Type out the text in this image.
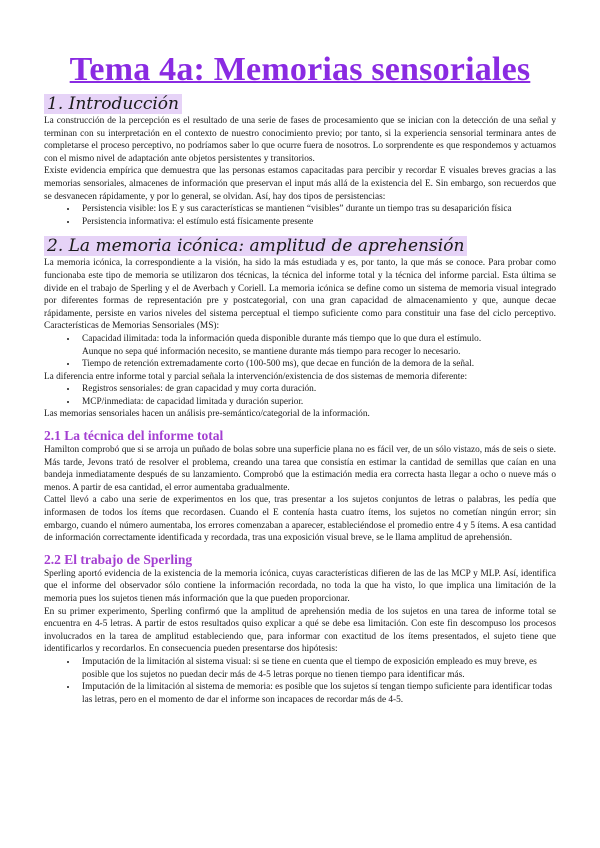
Tema 4a: Memorias sensoriales
1. Introducción

La construcción de la percepción es el resultado de una serie de fases de procesamiento que se inician con la detección de una señal y terminan con su interpretación en el contexto de nuestro conocimiento previo; por tanto, si la experiencia sensorial terminara antes de completarse el proceso perceptivo, no podríamos saber lo que ocurre fuera de nosotros. Lo sorprendente es que respondemos y actuamos con el mismo nivel de adaptación ante objetos persistentes y transitorios.

Existe evidencia empírica que demuestra que las personas estamos capacitadas para percibir y recordar E visuales breves gracias a las memorias sensoriales, almacenes de información que preservan el input más allá de la existencia del E. Sin embargo, son recuerdos que se desvanecen rápidamente, y por lo general, se olvidan. Así, hay dos tipos de persistencias:

• Persistencia visible: los E y sus características se mantienen “visibles” durante un tiempo tras su desaparición física
• Persistencia informativa: el estímulo está físicamente presente
2. La memoria icónica: amplitud de aprehensión

La memoria icónica, la correspondiente a la visión, ha sido la más estudiada y es, por tanto, la que más se conoce. Para probar como funcionaba este tipo de memoria se utilizaron dos técnicas, la técnica del informe total y la técnica del informe parcial. Esta última se divide en el trabajo de Sperling y el de Averbach y Coriell. La memoria icónica se define como un sistema de memoria visual integrado por diferentes formas de representación pre y postcategorial, con una gran capacidad de almacenamiento y que, aunque decae rápidamente, persiste en varios niveles del sistema perceptual el tiempo suficiente como para constituir una fase del ciclo perceptivo. Características de Memorias Sensoriales (MS):

• Capacidad ilimitada: toda la información queda disponible durante más tiempo que lo que dura el estímulo.
Aunque no sepa qué información necesito, se mantiene durante más tiempo para recoger lo necesario.
• Tiempo de retención extremadamente corto (100-500 ms), que decae en función de la demora de la señal.

La diferencia entre informe total y parcial señala la intervención/existencia de dos sistemas de memoria diferente:

• Registros sensoriales: de gran capacidad y muy corta duración.
• MCP/inmediata: de capacidad limitada y duración superior.

Las memorias sensoriales hacen un análisis pre-semántico/categorial de la información.

2.1 La técnica del informe total

Hamilton comprobó que si se arroja un puñado de bolas sobre una superficie plana no es fácil ver, de un sólo vistazo, más de seis o siete. Más tarde, Jevons trató de resolver el problema, creando una tarea que consistía en estimar la cantidad de semillas que caían en una bandeja inmediatamente después de su lanzamiento. Comprobó que la estimación media era correcta hasta llegar a ocho o nueve más o menos. A partir de esa cantidad, el error aumentaba gradualmente.

Cattel llevó a cabo una serie de experimentos en los que, tras presentar a los sujetos conjuntos de letras o palabras, les pedía que informasen de todos los ítems que recordasen. Cuando el E contenía hasta cuatro ítems, los sujetos no cometían ningún error; sin embargo, cuando el número aumentaba, los errores comenzaban a aparecer, estableciéndose el promedio entre 4 y 5 ítems. A esa cantidad de información correctamente identificada y recordada, tras una exposición visual breve, se le llama amplitud de aprehensión.

2.2 El trabajo de Sperling

Sperling aportó evidencia de la existencia de la memoria icónica, cuyas características difieren de las de las MCP y MLP. Así, identifica que el informe del observador sólo contiene la información recordada, no toda la que ha visto, lo que implica una limitación de la memoria pues los sujetos tienen más información que la que pueden proporcionar.

En su primer experimento, Sperling confirmó que la amplitud de aprehensión media de los sujetos en una tarea de informe total se encuentra en 4-5 letras. A partir de estos resultados quiso explicar a qué se debe esa limitación. Con este fin descompuso los procesos involucrados en la tarea de amplitud estableciendo que, para informar con exactitud de los ítems presentados, el sujeto tiene que identificarlos y recordarlos. En consecuencia pueden presentarse dos hipótesis:

• Imputación de la limitación al sistema visual: si se tiene en cuenta que el tiempo de exposición empleado es muy breve, es posible que los sujetos no puedan decir más de 4-5 letras porque no tienen tiempo para identificar más.
• Imputación de la limitación al sistema de memoria: es posible que los sujetos sí tengan tiempo suficiente para identificar todas las letras, pero en el momento de dar el informe son incapaces de recordar más de 4-5.
